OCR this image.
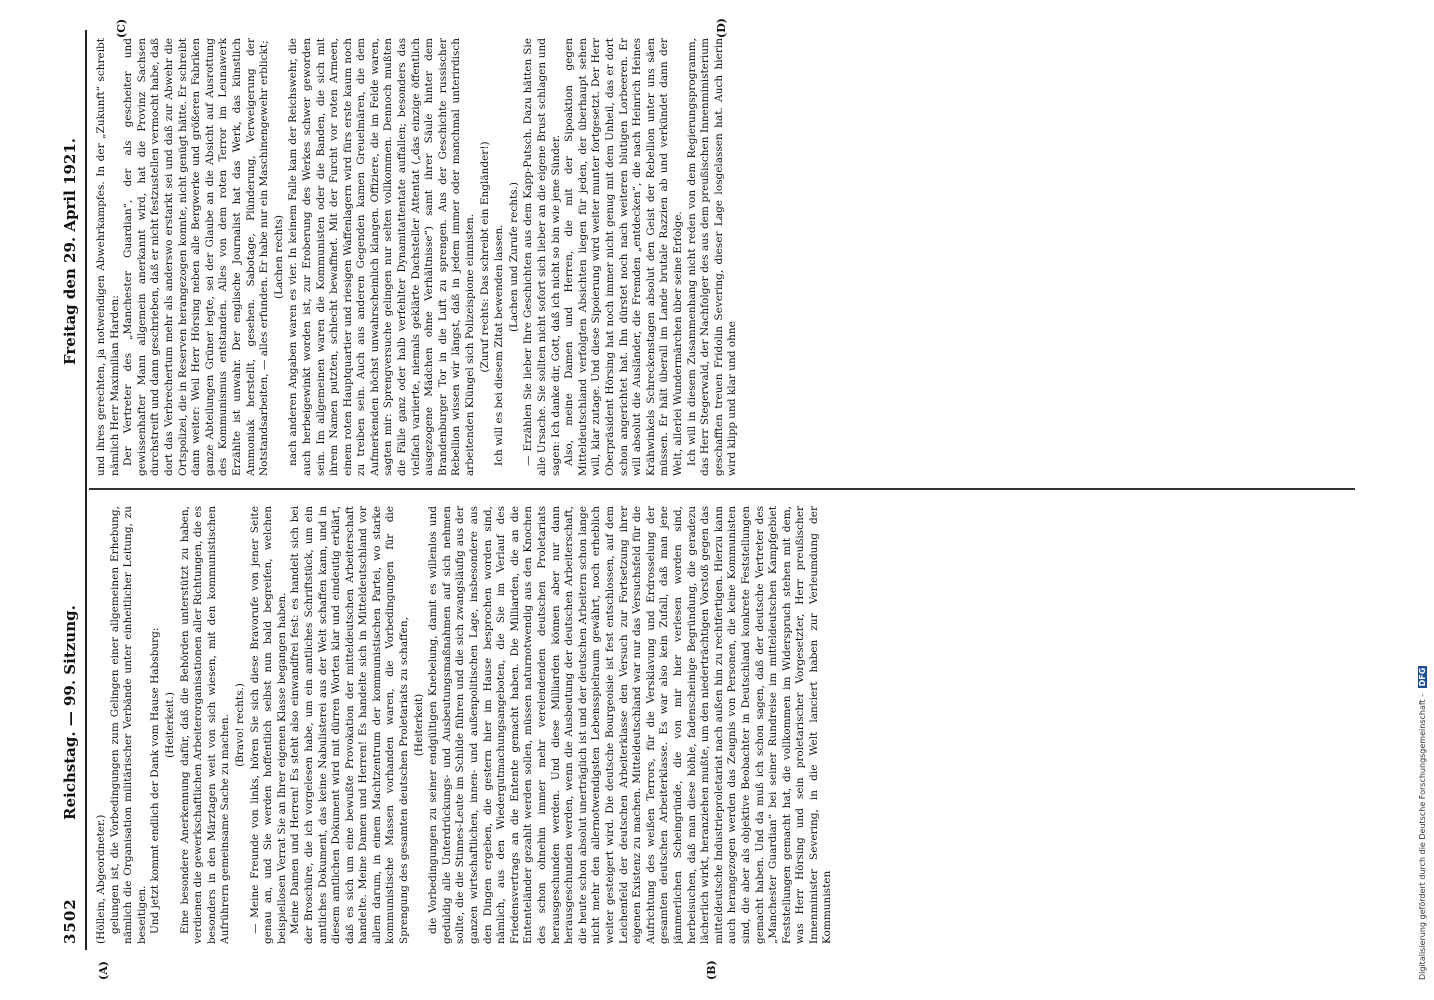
3502
Reichstag. — 99. Sitzung.
Freitag den 29. April 1921.

(Höllein, Abgeordneter.) gelungen ist, die Vorbedingungen zum Gelingen einer allgemeinen Erhebung, nämlich die Organisation militärischer Verbände unter einheitlicher Leitung, zu beseitigen. Und jetzt kommt endlich der Dank vom Hause Habsburg: (Heiterkeit.) Eine besondere Anerkennung dafür, daß die Behörden unterstützt zu haben, verdienen die gewerkschaftlichen Arbeiterorganisationen aller Richtungen, die es besonders in den Märztagen weit von sich wiesen, mit den kommunistischen Aufrührern gemeinsame Sache zu machen. (Bravo! rechts.) — Meine Freunde von links, hören Sie sich diese Bravorufe von jener Seite genau an, und Sie werden hoffentlich selbst nun bald begreifen, welchen beispiellosen Verrat Sie an Ihrer eigenen Klasse begangen haben. Meine Damen und Herren! Es steht also einwandfrei fest: es handelt sich bei der Broschüre, die ich vorgelesen habe, um ein amtliches Schriftstück, um ein amtliches Dokument, das keine Nabulisterei aus der Welt schaffen kann, und in diesem amtlichen Dokument wird mit dürren Worten klar und eindeutig erklärt, daß es sich um eine bewußte Provokation der mitteldeutschen Arbeiterschaft handelte. Meine Damen und Herren! Es handelte sich in Mitteldeutschland vor allem darum, in einem Machtzentrum der kommunistischen Partei, wo starke kommunistische Massen vorhanden waren, die Vorbedingungen für die Sprengung des gesamten deutschen Proletariats zu schaffen, (Heiterkeit) die Vorbedingungen zu seiner endgültigen Knebelung, damit es willenlos und geduldig alle Unterdrückungs- und Ausbeutungsmaßnahmen auf sich nehmen sollte, die die Stinnes-Leute im Schilde führen und die sich zwangsläufig aus der ganzen wirtschaftlichen, innen- und außenpolitischen Lage, insbesondere aus den Dingen ergeben, die gestern hier im Hause besprochen worden sind, nämlich, aus den Wiedergutmachungsangeboten, die Sie im Verlauf des Friedensvertrags an die Entente gemacht haben. Die Milliarden, die an die Ententeländer gezahlt werden sollen, müssen naturnotwendig aus den Knochen des schon ohnehin immer mehr verelendenden deutschen Proletariats herausgeschunden werden. Und diese Milliarden können aber nur dann herausgeschunden werden, wenn die Ausbeutung der deutschen Arbeiterschaft, die heute schon absolut unerträglich ist und der deutschen Arbeitern schon lange nicht mehr den allernotwendigsten Lebensspielraum gewährt, noch erheblich weiter gesteigert wird. Die deutsche Bourgeoisie ist fest entschlossen, auf dem Leichenfeld der deutschen Arbeiterklasse den Versuch zur Fortsetzung ihrer eigenen Existenz zu machen. Mitteldeutschland war nur das Versuchsfeld für die Aufrichtung des weißen Terrors, für die Versklavung und Erdrosselung der gesamten deutschen Arbeiterklasse. Es war also kein Zufall, daß man jene jämmerlichen Scheingründe, die von mir hier verlesen worden sind, herbeisuchen, daß man diese höhle, fadenscheinige Begründung, die geradezu lächerlich wirkt, heranziehen mußte, um den niederträchtigen Vorstoß gegen das mitteldeutsche Industrieproletariat nach außen hin zu rechtfertigen. Hierzu kann auch herangezogen werden das Zeugnis von Personen, die keine Kommunisten sind, die aber als objektive Beobachter in Deutschland konkrete Feststellungen gemacht haben. Und da muß ich schon sagen, daß der deutsche Vertreter des „Manchester Guardian“ bei seiner Rundreise im mitteldeutschen Kampfgebiet Feststellungen gemacht hat, die vollkommen im Widerspruch stehen mit dem, was Herr Hörsing und sein proletarischer Vorgesetzter, Herr preußischer Innenminister Severing, in die Welt lanciert haben zur Verleumdung der Kommunisten

und ihres gerechten, ja notwendigen Abwehrkampfes. In der „Zukunft“ schreibt nämlich Herr Maximilian Harden: Der Vertreter des „Manchester Guardian“, der als gescheiter und gewissenhafter Mann allgemein anerkannt wird, hat die Provinz Sachsen durchstreift und dann geschrieben, daß er nicht festzustellen vermocht habe, daß dort das Verbrechertum mehr als anderswo erstarkt sei und daß zur Abwehr die Ortspolizei, die in Reserven herangezogen konnte, nicht genügt hätte. Er schreibt dann weiter: Weil Herr Hörsing neben alle Bergwerke und größeren Fabriken ganze Abteilungen Grüner legte, sei der Glaube an die Absicht auf Ausrottung des Kommunismus entstanden. Alles von dem roten Terror im Leunawerk Erzählte ist unwahr. Der englische Journalist hat das Werk, das künstlich Ammoniak herstellt, gesehen. Sabotage, Plünderung, Verweigerung der Notstandsarbeiten, — alles erfunden. Er habe nur ein Maschinengewehr erblickt; (Lachen rechts) nach anderen Angaben waren es vier. In keinem Falle kam der Reichswehr, die auch herbeigewinkt worden ist, zur Eroberung des Werkes schwer geworden sein. Im allgemeinen waren die Kommunisten oder die Banden, die sich mit ihrem Namen putzten, schlecht bewaffnet. Mit der Furcht vor roten Armeen, einem roten Hauptquartier und riesigen Waffenlagern wird fürs erste kaum noch zu treiben sein. Auch aus anderen Gegenden kamen Greuelmären, die dem Aufmerkenden höchst unwahrscheinlich klangen. Offiziere, die im Felde waren, sagten mir: Sprengversuche gelingen nur selten vollkommen. Dennoch mußten die Fälle ganz oder halb verfehlter Dynamitattentate auffallen; besonders das vielfach variierte, niemals geklärte Dachsteller Attentat („das einzige öffentlich ausgezogene Mädchen ohne Verhältnisse“) samt ihrer Säule hinter dem Brandenburger Tor in die Luft zu sprengen. Aus der Geschichte russischer Rebellion wissen wir längst, daß in jedem immer oder manchmal unterirdisch arbeitenden Klüngel sich Polizeispione einnisten. (Zuruf rechts: Das schreibt ein Engländer!) Ich will es bei diesem Zitat bewenden lassen. (Lachen und Zurufe rechts.) — Erzählen Sie lieber Ihre Geschichten aus dem Kapp-Putsch. Dazu hätten Sie alle Ursache. Sie sollten nicht sofort sich lieber an die eigene Brust schlagen und sagen: Ich danke dir, Gott, daß ich nicht so bin wie jene Sünder. Also, meine Damen und Herren, die mit der Sipoaktion gegen Mitteldeutschland verfolgten Absichten liegen für jeden, der überhaupt sehen will, klar zutage. Und diese Sipoierung wird weiter munter fortgesetzt. Der Herr Oberpräsident Hörsing hat noch immer nicht genug mit dem Unheil, das er dort schon angerichtet hat. Ihn dürstet noch nach weiteren blutigen Lorbeeren. Er will absolut die Ausländer, die Fremden „entdecken“, die nach Heinrich Heines Krähwinkels Schreckenstagen absolut den Geist der Rebellion unter uns säen müssen. Er hält überall im Lande brutale Razzien ab und verkündet dann der Welt, allerlei Wundermärchen über seine Erfolge. Ich will in diesem Zusammenhang nicht reden von dem Regierungsprogramm, das Herr Stegerwald, der Nachfolger des aus dem preußischen Innenministerium geschafften treuen Fridolin Severing, dieser Lage losgelassen hat. Auch hierin wird klipp und klar und ohne

(A)	(B)
(C)	(D)
Digitalisierung gefördert durch die Deutsche Forschungsgemeinschaft - DFG
